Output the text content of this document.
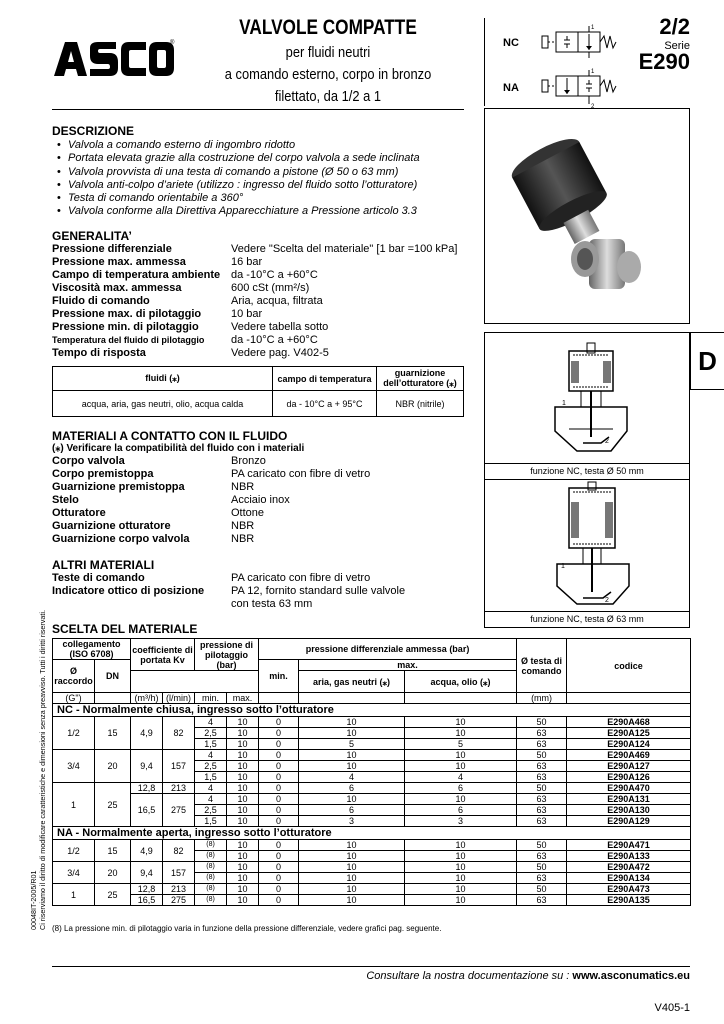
®
VALVOLE COMPATTE
per fluidi neutri
a comando esterno, corpo in bronzo
filettato, da 1/2 a 1
NC
NA
1
1
2
2/2
Serie
E290
DESCRIZIONE
• Valvola a comando esterno di ingombro ridotto
• Portata elevata grazie alla costruzione del corpo valvola a sede inclinata
• Valvola provvista di una testa di comando a pistone (Ø 50 o 63 mm)
• Valvola anti-colpo d’ariete (utilizzo : ingresso del fluido sotto l’otturatore)
• Testa di comando orientabile a 360°
• Valvola conforme alla Direttiva Apparecchiature a Pressione articolo 3.3
GENERALITA’
Pressione differenziale	Vedere "Scelta del materiale" [1 bar =100 kPa]
Pressione max. ammessa	16 bar
Campo di temperatura ambiente da -10°C a +60°C
Viscosità max. ammessa	600 cSt (mm²/s)
Fluido di comando	Aria, acqua, filtrata
Pressione max. di pilotaggio	10 bar
Pressione min. di pilotaggio	Vedere tabella sotto
Temperatura del fluido di pilotaggio	da -10°C a +60°C
Tempo di risposta	Vedere pag. V402-5
fluidi (⁎)	campo di temperatura	guarnizione dell’otturatore (⁎)
acqua, aria, gas neutri, olio, acqua calda	da - 10°C a + 95°C	NBR (nitrile)
MATERIALI A CONTATTO CON IL FLUIDO
(⁎) Verificare la compatibilità del fluido con i materiali
Corpo valvola	Bronzo
Corpo premistoppa	PA caricato con fibre di vetro
Guarnizione premistoppa	NBR
Stelo	Acciaio inox
Otturatore	Ottone
Guarnizione otturatore	NBR
Guarnizione corpo valvola	NBR
ALTRI MATERIALI
Teste di comando	PA caricato con fibre di vetro
Indicatore ottico di posizione	PA 12, fornito standard sulle valvole con testa 63 mm
D
1
2
funzione NC, testa Ø 50 mm
1
2
funzione NC, testa Ø 63 mm
SCELTA DEL MATERIALE
collegamento (ISO 6708)		coefficiente di portata Kv		pressione di pilotaggio (bar)		pressione differenziale ammessa (bar)			Ø testa di comando	codice
Ø raccordo	DN					min.	max.			
							aria, gas neutri (⁎)	acqua, olio (⁎)		
(G")		(m³/h)	(l/min)	min.	max.				(mm)	
NC - Normalmente chiusa, ingresso sotto l’otturatore										
1/2	15	4,9	82	4	10	0	10	10	50	E290A468
				2,5	10	0	10	10	63	E290A125
				1,5	10	0	5	5	63	E290A124
3/4	20	9,4	157	4	10	0	10	10	50	E290A469
				2,5	10	0	10	10	63	E290A127
				1,5	10	0	4	4	63	E290A126
1	25	12,8	213	4	10	0	6	6	50	E290A470
		16,5	275	4	10	0	10	10	63	E290A131
				2,5	10	0	6	6	63	E290A130
				1,5	10	0	3	3	63	E290A129
NA - Normalmente aperta, ingresso sotto l’otturatore										
1/2	15	4,9	82	(8)	10	0	10	10	50	E290A471
				(8)	10	0	10	10	63	E290A133
3/4	20	9,4	157	(8)	10	0	10	10	50	E290A472
				(8)	10	0	10	10	63	E290A134
1	25	12,8	213	(8)	10	0	10	10	50	E290A473
		16,5	275	(8)	10	0	10	10	63	E290A135
(8) La pressione min. di pilotaggio varia in funzione della pressione differenziale, vedere grafici pag. seguente.
00048IT-2005/R01 Ci riserviamo il diritto di modificare caratteristiche e dimensioni senza preavviso. Tutti i diritti riservati.
Consultare la nostra documentazione su : www.asconumatics.eu
V405-1
